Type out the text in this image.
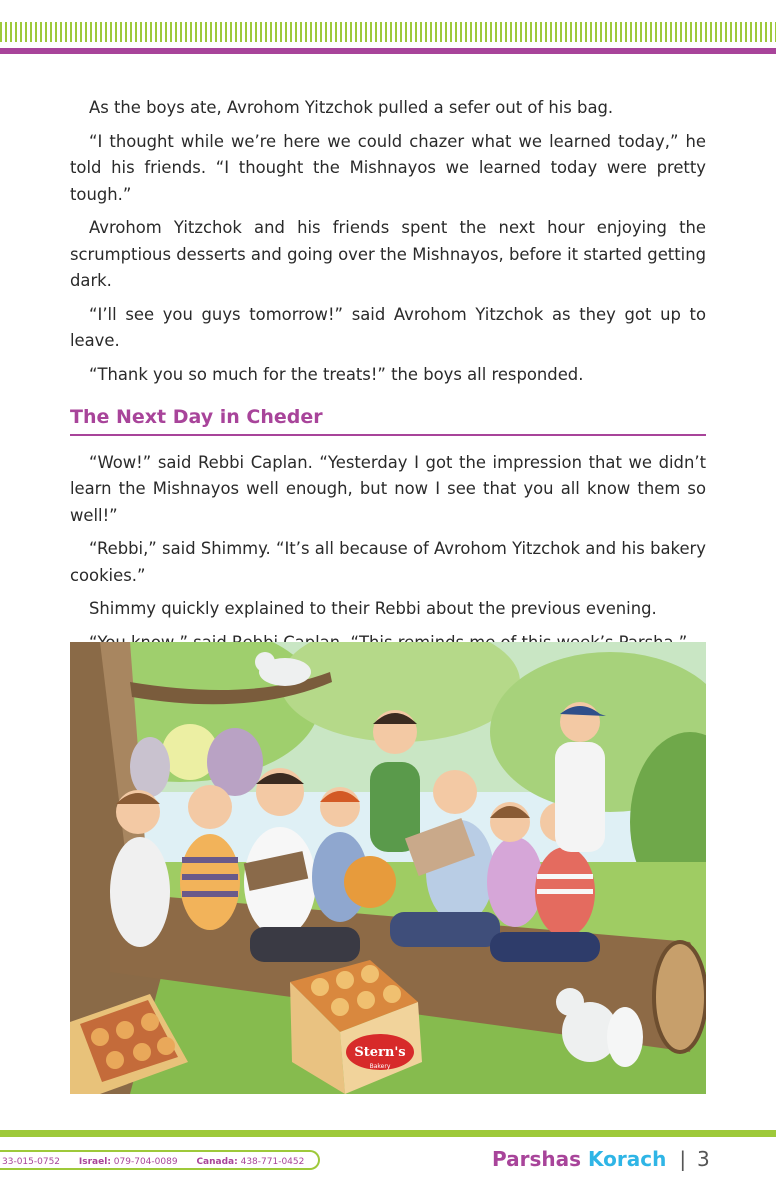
As the boys ate, Avrohom Yitzchok pulled a sefer out of his bag.

“I thought while we’re here we could chazer what we learned today,” he told his friends. “I thought the Mishnayos we learned today were pretty tough.”

Avrohom Yitzchok and his friends spent the next hour enjoying the scrumptious desserts and going over the Mishnayos, before it started getting dark.

“I’ll see you guys tomorrow!” said Avrohom Yitzchok as they got up to leave.

“Thank you so much for the treats!” the boys all responded.

The Next Day in Cheder

“Wow!” said Rebbi Caplan. “Yesterday I got the impression that we didn’t learn the Mishnayos well enough, but now I see that you all know them so well!”

“Rebbi,” said Shimmy. “It’s all because of Avrohom Yitzchok and his bakery cookies.”

Shimmy quickly explained to their Rebbi about the previous evening.

Stern's
Bakery
33-015-0752 Israel: 079-704-0089 Canada: 438-771-0452	Parshas Korach | 3
